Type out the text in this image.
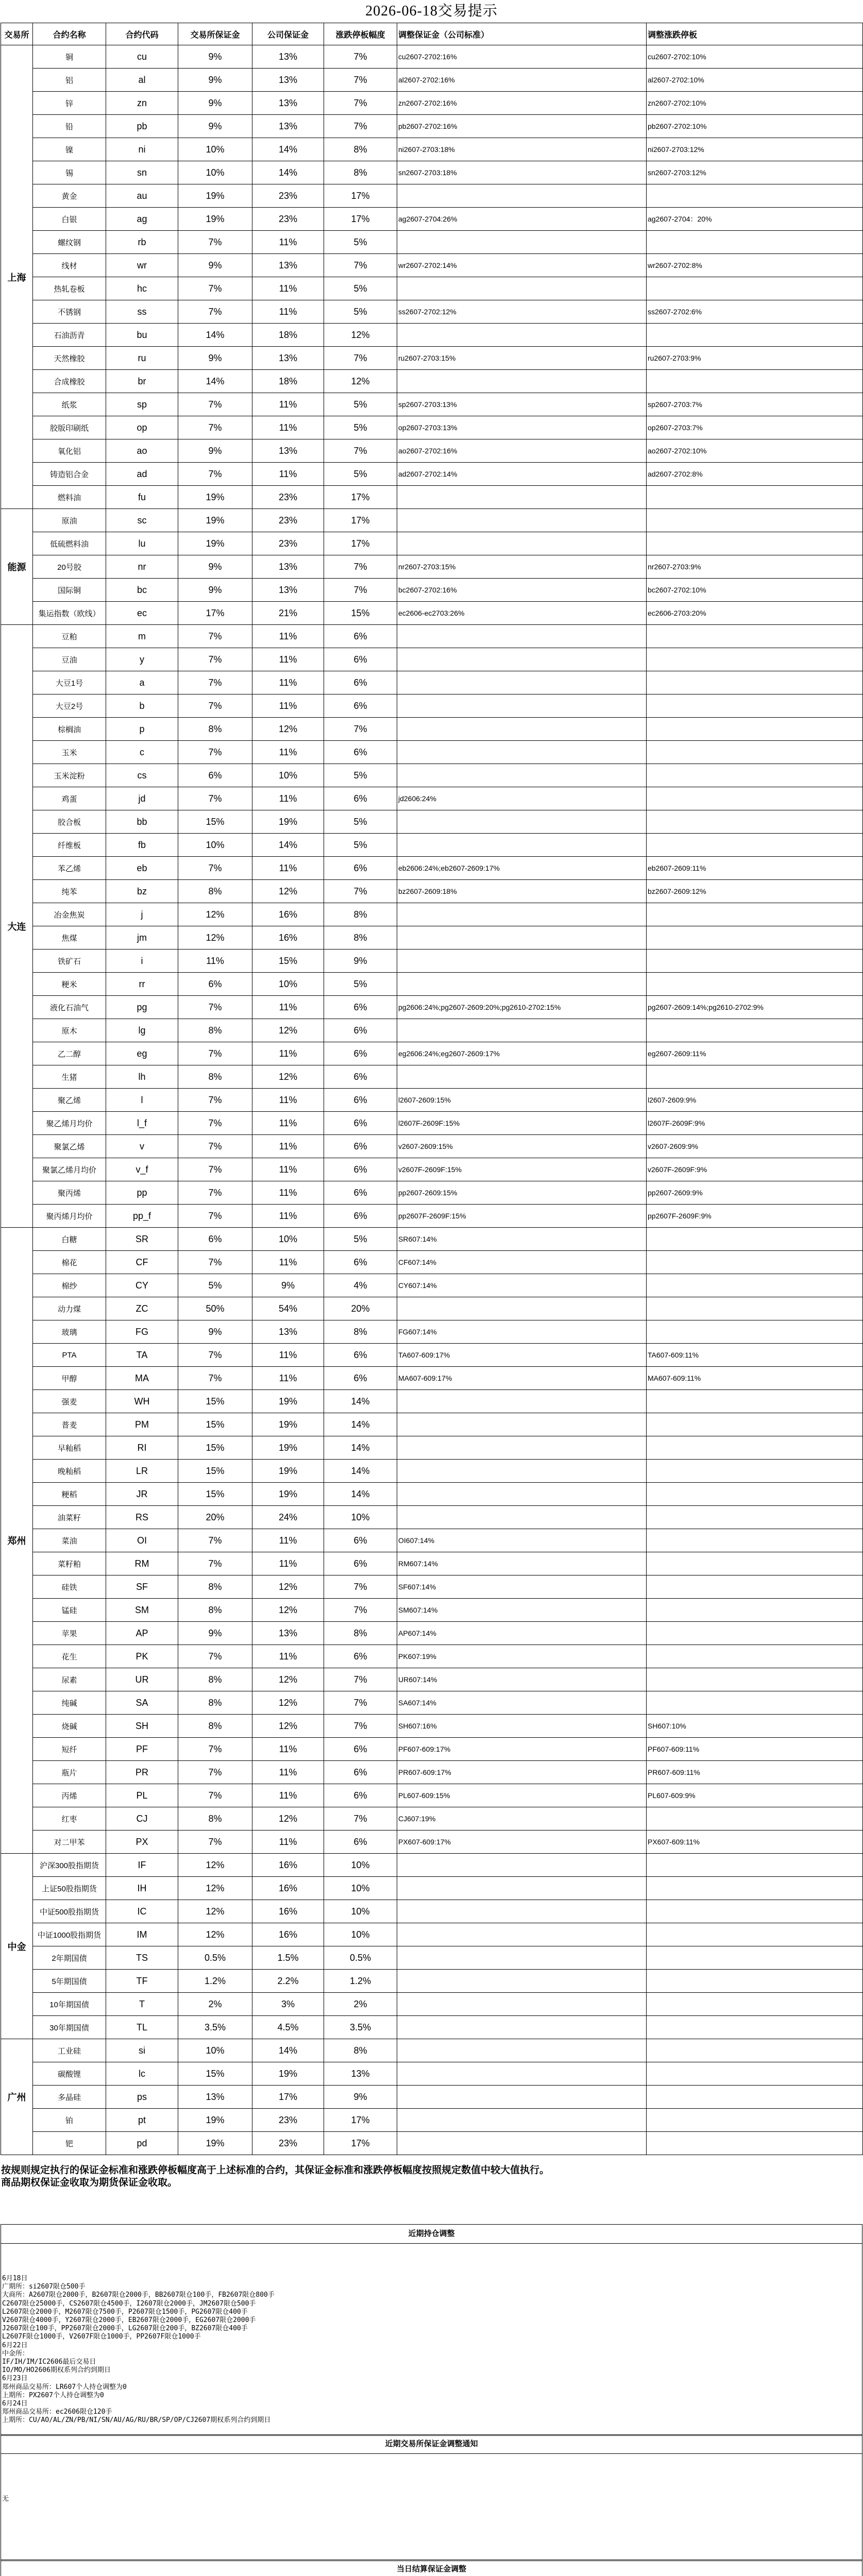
2026-06-18交易提示
交易所	合约名称	合约代码	交易所保证金	公司保证金	涨跌停板幅度	调整保证金（公司标准）	调整涨跌停板
上海	铜	cu	9%	13%	7%	cu2607-2702:16%	cu2607-2702:10%
	铝	al	9%	13%	7%	al2607-2702:16%	al2607-2702:10%
	锌	zn	9%	13%	7%	zn2607-2702:16%	zn2607-2702:10%
	铅	pb	9%	13%	7%	pb2607-2702:16%	pb2607-2702:10%
	镍	ni	10%	14%	8%	ni2607-2703:18%	ni2607-2703:12%
	锡	sn	10%	14%	8%	sn2607-2703:18%	sn2607-2703:12%
	黄金	au	19%	23%	17%		
	白银	ag	19%	23%	17%	ag2607-2704:26%	ag2607-2704：20%
	螺纹钢	rb	7%	11%	5%		
	线材	wr	9%	13%	7%	wr2607-2702:14%	wr2607-2702:8%
	热轧卷板	hc	7%	11%	5%		
	不锈钢	ss	7%	11%	5%	ss2607-2702:12%	ss2607-2702:6%
	石油沥青	bu	14%	18%	12%		
	天然橡胶	ru	9%	13%	7%	ru2607-2703:15%	ru2607-2703:9%
	合成橡胶	br	14%	18%	12%		
	纸浆	sp	7%	11%	5%	sp2607-2703:13%	sp2607-2703:7%
	胶版印刷纸	op	7%	11%	5%	op2607-2703:13%	op2607-2703:7%
	氧化铝	ao	9%	13%	7%	ao2607-2702:16%	ao2607-2702:10%
	铸造铝合金	ad	7%	11%	5%	ad2607-2702:14%	ad2607-2702:8%
	燃料油	fu	19%	23%	17%		
能源	原油	sc	19%	23%	17%		
	低硫燃料油	lu	19%	23%	17%		
	20号胶	nr	9%	13%	7%	nr2607-2703:15%	nr2607-2703:9%
	国际铜	bc	9%	13%	7%	bc2607-2702:16%	bc2607-2702:10%
	集运指数（欧线）	ec	17%	21%	15%	ec2606-ec2703:26%	ec2606-2703:20%
大连	豆粕	m	7%	11%	6%		
	豆油	y	7%	11%	6%		
	大豆1号	a	7%	11%	6%		
	大豆2号	b	7%	11%	6%		
	棕榈油	p	8%	12%	7%		
	玉米	c	7%	11%	6%		
	玉米淀粉	cs	6%	10%	5%		
	鸡蛋	jd	7%	11%	6%	jd2606:24%	
	胶合板	bb	15%	19%	5%		
	纤维板	fb	10%	14%	5%		
	苯乙烯	eb	7%	11%	6%	eb2606:24%;eb2607-2609:17%	eb2607-2609:11%
	纯苯	bz	8%	12%	7%	bz2607-2609:18%	bz2607-2609:12%
	冶金焦炭	j	12%	16%	8%		
	焦煤	jm	12%	16%	8%		
	铁矿石	i	11%	15%	9%		
	粳米	rr	6%	10%	5%		
	液化石油气	pg	7%	11%	6%	pg2606:24%;pg2607-2609:20%;pg2610-2702:15%	pg2607-2609:14%;pg2610-2702:9%
	原木	lg	8%	12%	6%		
	乙二醇	eg	7%	11%	6%	eg2606:24%;eg2607-2609:17%	eg2607-2609:11%
	生猪	lh	8%	12%	6%		
	聚乙烯	l	7%	11%	6%	l2607-2609:15%	l2607-2609:9%
	聚乙烯月均价	l_f	7%	11%	6%	l2607F-2609F:15%	l2607F-2609F:9%
	聚氯乙烯	v	7%	11%	6%	v2607-2609:15%	v2607-2609:9%
	聚氯乙烯月均价	v_f	7%	11%	6%	v2607F-2609F:15%	v2607F-2609F:9%
	聚丙烯	pp	7%	11%	6%	pp2607-2609:15%	pp2607-2609:9%
	聚丙烯月均价	pp_f	7%	11%	6%	pp2607F-2609F:15%	pp2607F-2609F:9%
郑州	白糖	SR	6%	10%	5%	SR607:14%	
	棉花	CF	7%	11%	6%	CF607:14%	
	棉纱	CY	5%	9%	4%	CY607:14%	
	动力煤	ZC	50%	54%	20%		
	玻璃	FG	9%	13%	8%	FG607:14%	
	PTA	TA	7%	11%	6%	TA607-609:17%	TA607-609:11%
	甲醇	MA	7%	11%	6%	MA607-609:17%	MA607-609:11%
	强麦	WH	15%	19%	14%		
	普麦	PM	15%	19%	14%		
	早籼稻	RI	15%	19%	14%		
	晚籼稻	LR	15%	19%	14%		
	粳稻	JR	15%	19%	14%		
	油菜籽	RS	20%	24%	10%		
	菜油	OI	7%	11%	6%	OI607:14%	
	菜籽粕	RM	7%	11%	6%	RM607:14%	
	硅铁	SF	8%	12%	7%	SF607:14%	
	锰硅	SM	8%	12%	7%	SM607:14%	
	苹果	AP	9%	13%	8%	AP607:14%	
	花生	PK	7%	11%	6%	PK607:19%	
	尿素	UR	8%	12%	7%	UR607:14%	
	纯碱	SA	8%	12%	7%	SA607:14%	
	烧碱	SH	8%	12%	7%	SH607:16%	SH607:10%
	短纤	PF	7%	11%	6%	PF607-609:17%	PF607-609:11%
	瓶片	PR	7%	11%	6%	PR607-609:17%	PR607-609:11%
	丙烯	PL	7%	11%	6%	PL607-609:15%	PL607-609:9%
	红枣	CJ	8%	12%	7%	CJ607:19%	
	对二甲苯	PX	7%	11%	6%	PX607-609:17%	PX607-609:11%
中金	沪深300股指期货	IF	12%	16%	10%		
	上证50股指期货	IH	12%	16%	10%		
	中证500股指期货	IC	12%	16%	10%		
	中证1000股指期货	IM	12%	16%	10%		
	2年期国债	TS	0.5%	1.5%	0.5%		
	5年期国债	TF	1.2%	2.2%	1.2%		
	10年期国债	T	2%	3%	2%		
	30年期国债	TL	3.5%	4.5%	3.5%		
广州	工业硅	si	10%	14%	8%		
	碳酸锂	lc	15%	19%	13%		
	多晶硅	ps	13%	17%	9%		
	铂	pt	19%	23%	17%		
	钯	pd	19%	23%	17%		

按规则规定执行的保证金标准和涨跌停板幅度高于上述标准的合约，其保证金标准和涨跌停板幅度按照规定数值中较大值执行。

商品期权保证金收取为期货保证金收取。

近期持仓调整
6月18日
广期所：si2607限仓500手
大商所：A2607限仓2000手，B2607限仓2000手，BB2607限仓100手，FB2607限仓800手
C2607限仓25000手，CS2607限仓4500手，I2607限仓2000手，JM2607限仓500手
L2607限仓2000手，M2607限仓7500手，P2607限仓1500手，PG2607限仓400手
V2607限仓4000手，Y2607限仓2000手，EB2607限仓2000手，EG2607限仓2000手
J2607限仓100手，PP2607限仓2000手，LG2607限仓200手，BZ2607限仓400手
L2607F限仓1000手，V2607F限仓1000手，PP2607F限仓1000手
6月22日
中金所：
IF/IH/IM/IC2606最后交易日
IO/MO/HO2606期权系列合约到期日
6月23日
郑州商品交易所：LR607个人持仓调整为0
上期所：PX2607个人持仓调整为0
6月24日
郑州商品交易所：ec2606限仓120手
上期所：CU/AO/AL/ZN/PB/NI/SN/AU/AG/RU/BR/SP/OP/CJ2607期权系列合约到期日
近期交易所保证金调整通知
无
当日结算保证金调整
